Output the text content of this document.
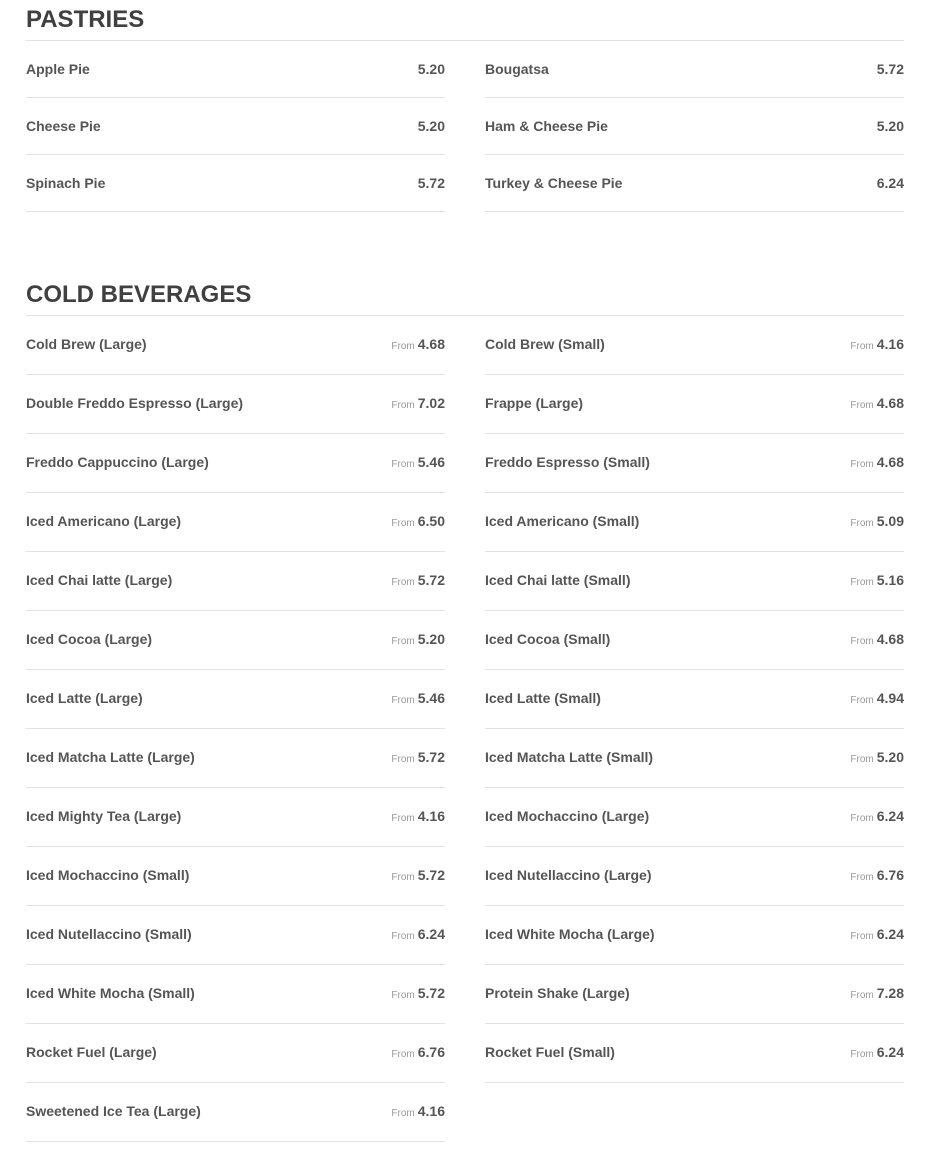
PASTRIES
Apple Pie	5.20	Bougatsa	5.72
Cheese Pie	5.20	Ham & Cheese Pie	5.20
Spinach Pie	5.72	Turkey & Cheese Pie	6.24
COLD BEVERAGES
Cold Brew (Large)	From 4.68	Cold Brew (Small)	From 4.16
Double Freddo Espresso (Large)	From 7.02	Frappe (Large)	From 4.68
Freddo Cappuccino (Large)	From 5.46	Freddo Espresso (Small)	From 4.68
Iced Americano (Large)	From 6.50	Iced Americano (Small)	From 5.09
Iced Chai latte (Large)	From 5.72	Iced Chai latte (Small)	From 5.16
Iced Cocoa (Large)	From 5.20	Iced Cocoa (Small)	From 4.68
Iced Latte (Large)	From 5.46	Iced Latte (Small)	From 4.94
Iced Matcha Latte (Large)	From 5.72	Iced Matcha Latte (Small)	From 5.20
Iced Mighty Tea (Large)	From 4.16	Iced Mochaccino (Large)	From 6.24
Iced Mochaccino (Small)	From 5.72	Iced Nutellaccino (Large)	From 6.76
Iced Nutellaccino (Small)	From 6.24	Iced White Mocha (Large)	From 6.24
Iced White Mocha (Small)	From 5.72	Protein Shake (Large)	From 7.28
Rocket Fuel (Large)	From 6.76	Rocket Fuel (Small)	From 6.24
Sweetened Ice Tea (Large)	From 4.16
